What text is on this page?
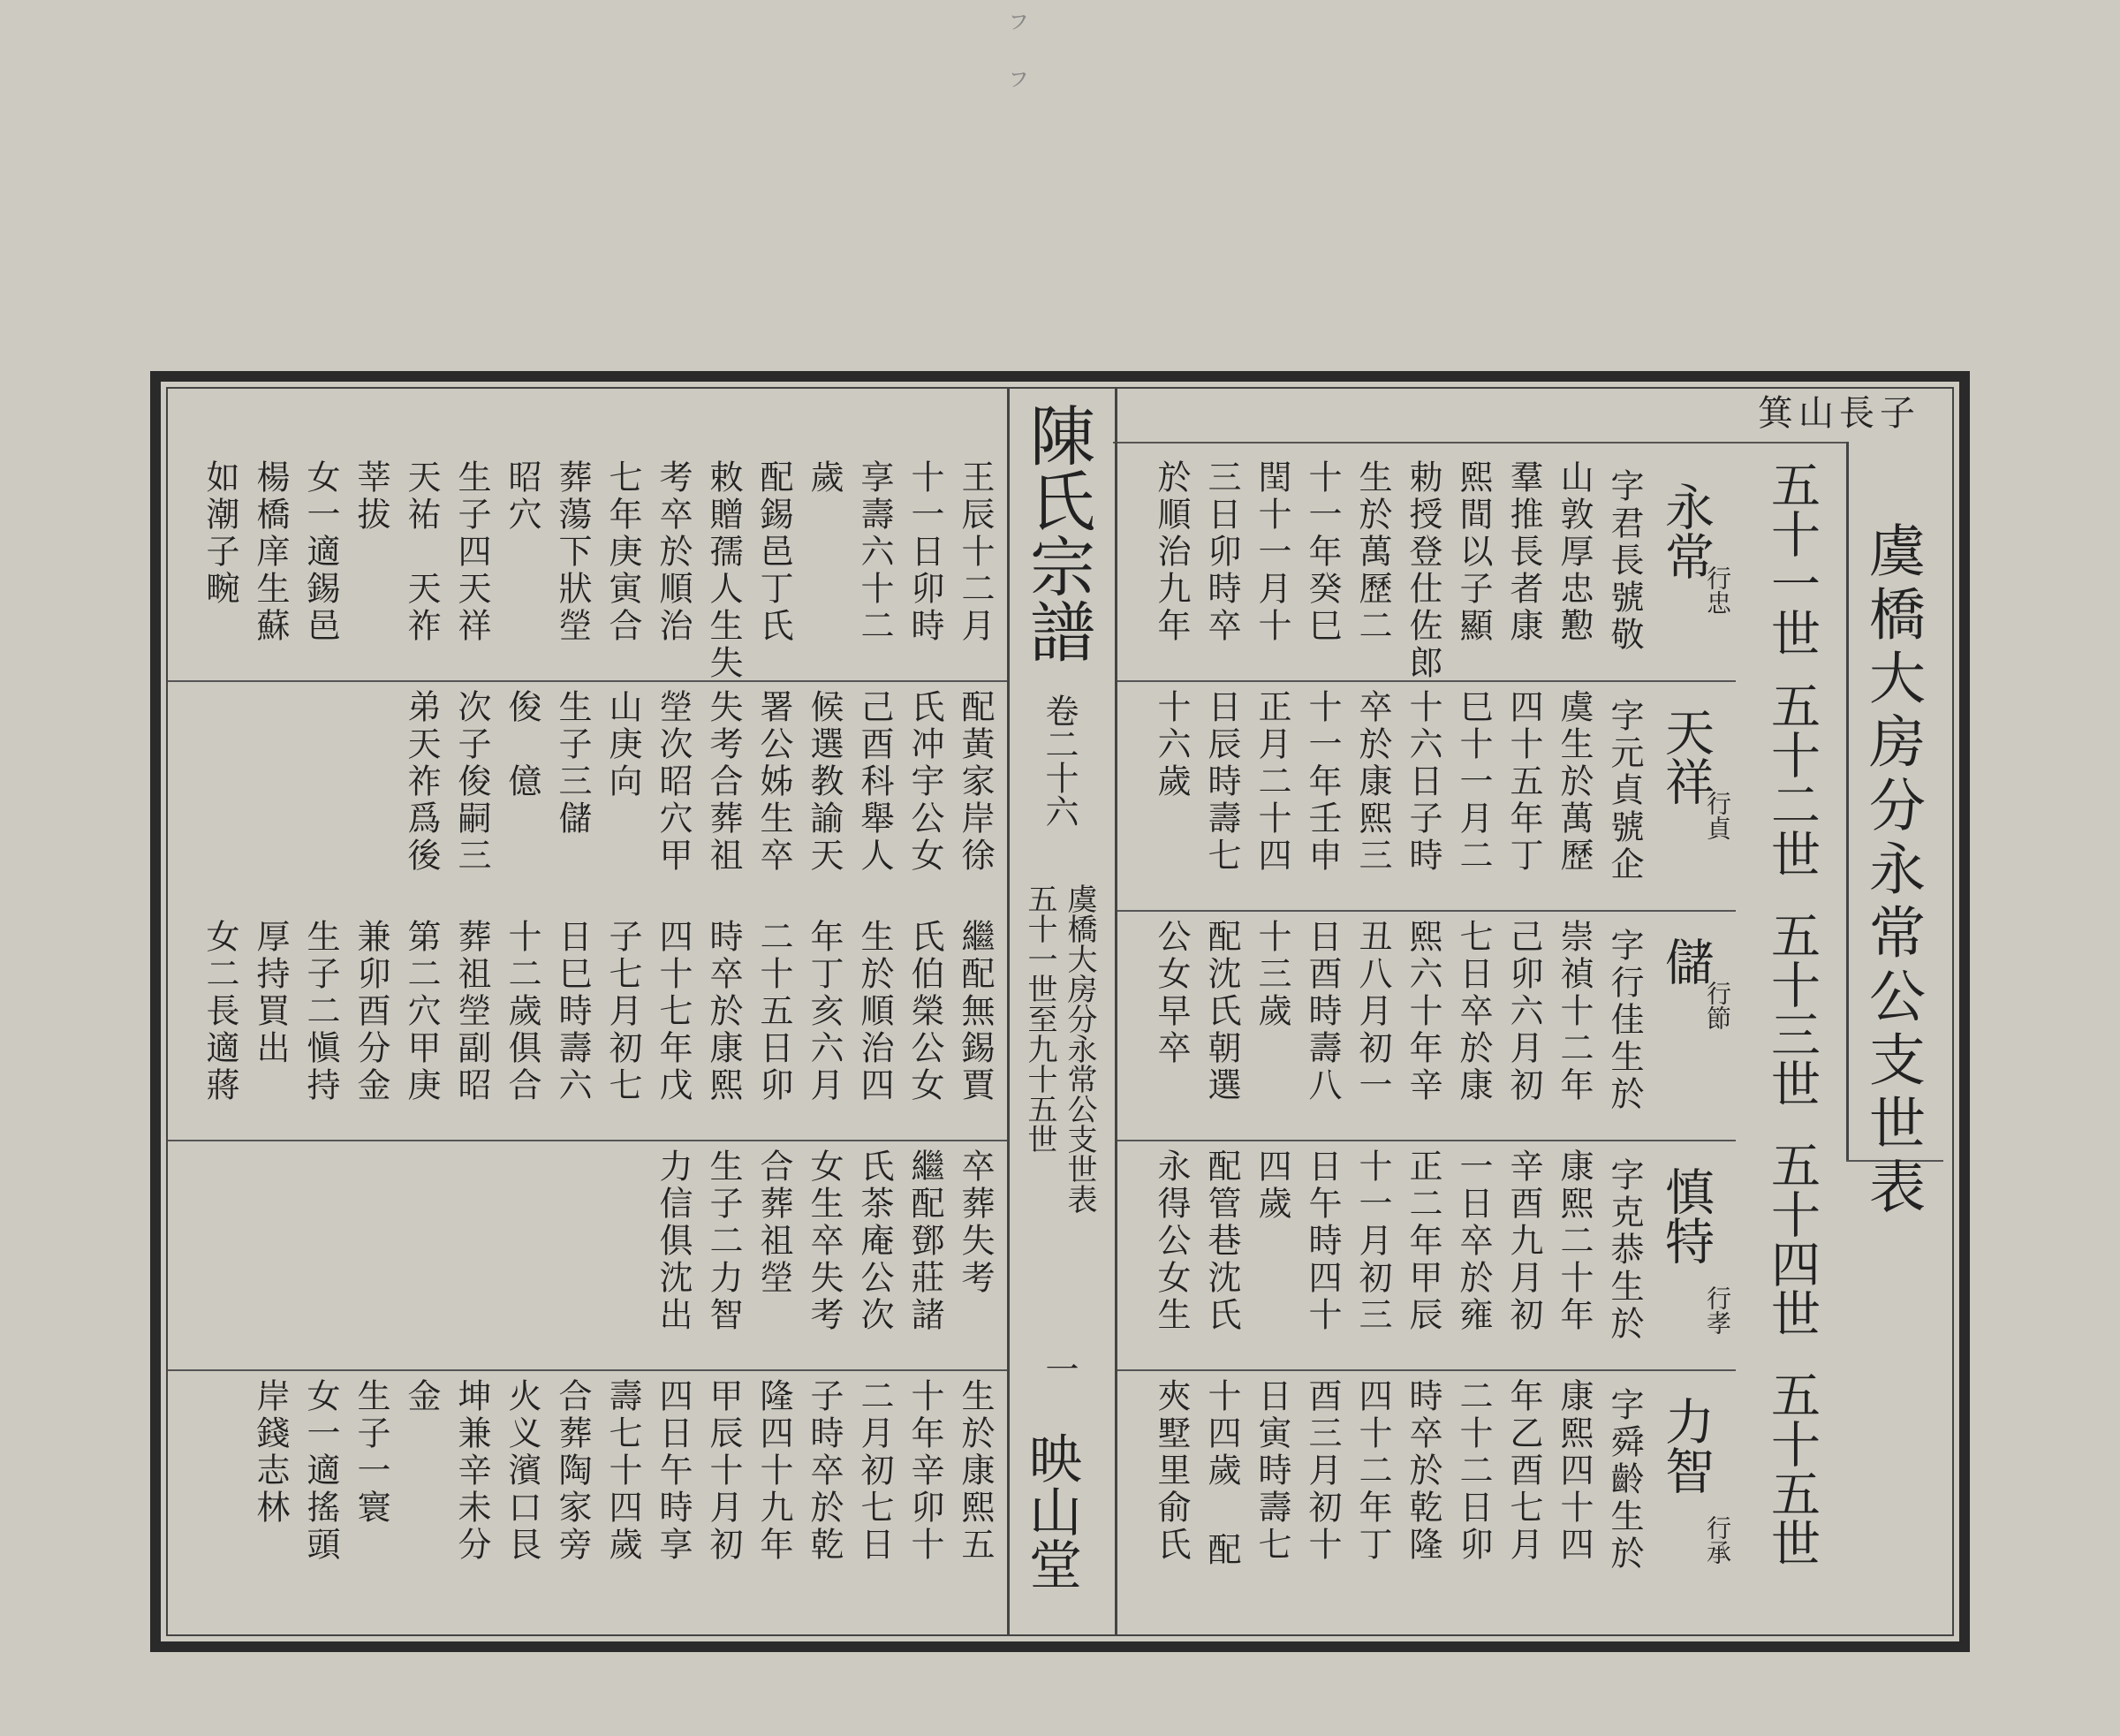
ㇷ ㇷ
虞橋大房分永常公支世表
箕山長子
五十一世
五十二世
五十三世
五十四世
五十五世
永常
行忠
天祥
行貞
儲
行節
慎特
行孝
力智
行承
陳氏宗譜
卷二十六
虞橋大房分永常公支世表
五十一世至九十五世
一
映山堂
字君長號敬
山敦厚忠懃
羣推長者康
熙間以子顯
勅授登仕佐郎
生於萬歷二
十一年癸巳
閏十一月十
三日卯時卒
於順治九年
字元貞號企
虞生於萬歷
四十五年丁
巳十一月二
十六日子時
卒於康熙三
十一年壬申
正月二十四
日辰時壽七
十六歲
字行佳生於
崇禎十二年
己卯六月初
七日卒於康
熙六十年辛
丑八月初一
日酉時壽八
十三歲
配沈氏朝選
公女早卒
字克恭生於
康熙二十年
辛酉九月初
一日卒於雍
正二年甲辰
十一月初三
日午時四十
四歲
配管巷沈氏
永得公女生
字舜齡生於
康熙四十四
年乙酉七月
二十二日卯
時卒於乾隆
四十二年丁
酉三月初十
日寅時壽七
十四歲 配
夾墅里俞氏
王辰十二月
十一日卯時
享壽六十二
歲
配錫邑丁氏
敕贈孺人生失
考卒於順治
七年庚寅合
葬蕩下狀塋
昭穴
生子四天祥
天祐　天祚
莘拔
女一適錫邑
楊橋庠生蘇
如潮子畹
配黃家岸徐
氏冲宇公女
己酉科舉人
候選教諭天
署公姊生卒
失考合葬祖
塋次昭穴甲
山庚向
生子三儲
俊　億
次子俊嗣三
弟天祚爲後
繼配無錫賈
氏伯榮公女
生於順治四
年丁亥六月
二十五日卯
時卒於康熙
四十七年戊
子七月初七
日巳時壽六
十二歲俱合
葬祖塋副昭
第二穴甲庚
兼卯酉分金
生子二愼持
厚持買出
女二長適蔣
卒葬失考
繼配鄧莊諸
氏茶庵公次
女生卒失考
合葬祖塋
生子二力智
力信俱沈出
生於康熙五
十年辛卯十
二月初七日
子時卒於乾
隆四十九年
甲辰十月初
四日午時享
壽七十四歲
合葬陶家旁
火义濱口艮
坤兼辛未分
金
生子一寰
女一適搖頭
岸錢志林
